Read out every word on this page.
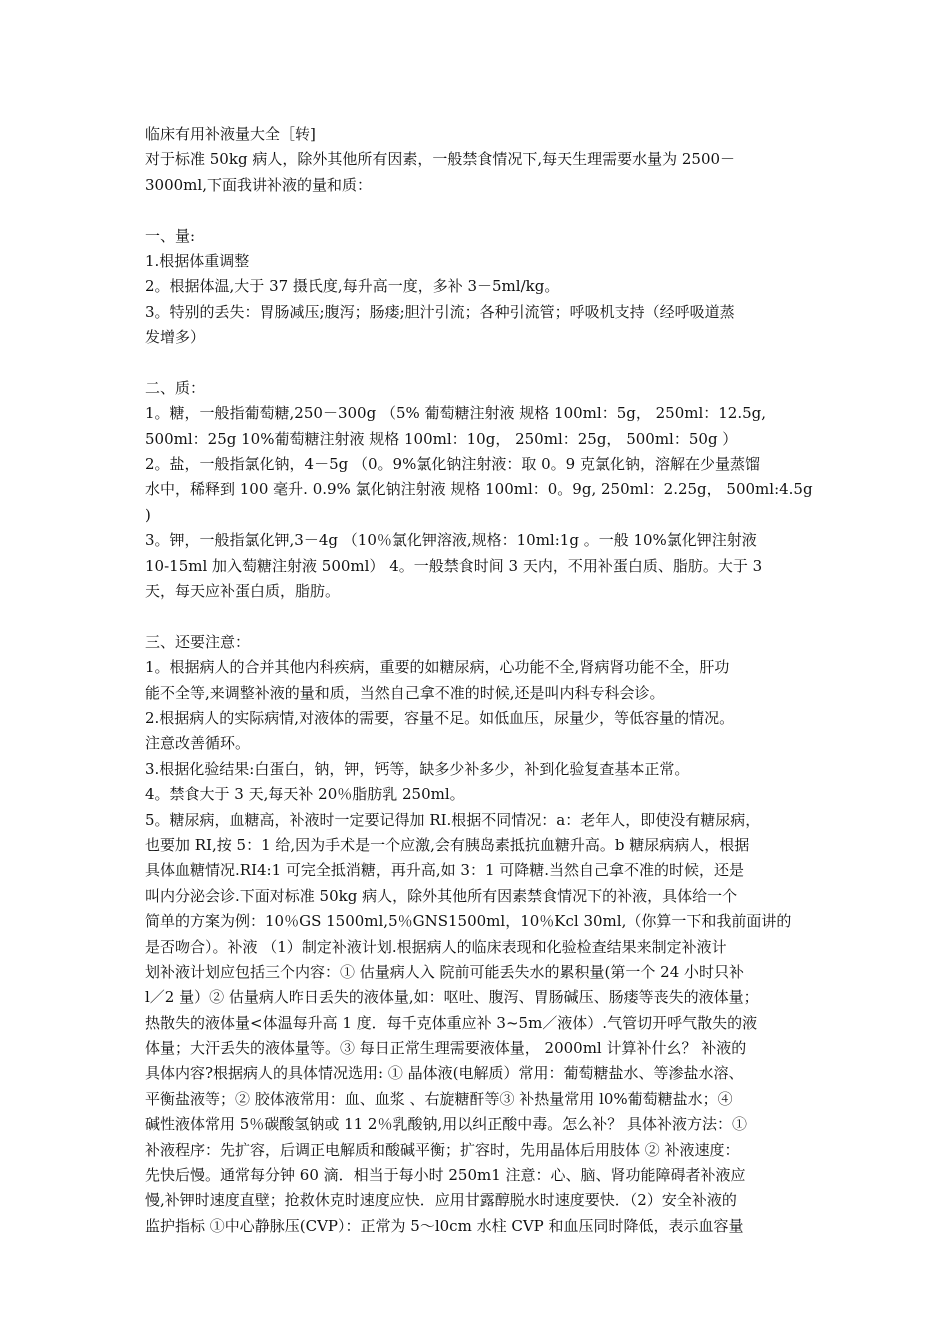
临床有用补液量大全［转]
对于标准 50kg 病人，除外其他所有因素，一般禁食情况下,每天生理需要水量为 2500－
3000ml,下面我讲补液的量和质：
一、量:
1.根据体重调整
2。根据体温,大于 37 摄氏度,每升高一度，多补 3－5ml/kg。
3。特别的丢失：胃肠减压;腹泻；肠瘘;胆汁引流；各种引流管；呼吸机支持（经呼吸道蒸
发增多）
二、质：
1。糖，一般指葡萄糖,250－300g （5% 葡萄糖注射液 规格 100ml：5g， 250ml：12.5g,
500ml：25g 10%葡萄糖注射液 规格 100ml：10g， 250ml：25g， 500ml：50g ）
2。盐，一般指氯化钠，4－5g （0。9%氯化钠注射液：取 0。9 克氯化钠，溶解在少量蒸馏
水中，稀释到 100 毫升. 0.9% 氯化钠注射液 规格 100ml：0。9g, 250ml：2.25g， 500ml:4.5g
)
3。钾，一般指氯化钾,3－4g （10％氯化钾溶液,规格：10ml:1g 。一般 10%氯化钾注射液
10-15ml 加入萄糖注射液 500ml） 4。一般禁食时间 3 天内，不用补蛋白质、脂肪。大于 3
天，每天应补蛋白质，脂肪。
三、还要注意：
1。根据病人的合并其他内科疾病，重要的如糖尿病，心功能不全,肾病肾功能不全，肝功
能不全等,来调整补液的量和质，当然自己拿不准的时候,还是叫内科专科会诊。
2.根据病人的实际病情,对液体的需要，容量不足。如低血压，尿量少，等低容量的情况。
注意改善循环。
3.根据化验结果:白蛋白，钠，钾，钙等，缺多少补多少，补到化验复查基本正常。
4。禁食大于 3 天,每天补 20％脂肪乳 250ml。
5。糖尿病，血糖高，补液时一定要记得加 RI.根据不同情况：a：老年人，即使没有糖尿病，
也要加 RI,按 5：1 给,因为手术是一个应激,会有胰岛素抵抗血糖升高。b 糖尿病病人，根据
具体血糖情况.RI4:1 可完全抵消糖，再升高,如 3：1 可降糖.当然自己拿不准的时候，还是
叫内分泌会诊.下面对标准 50kg 病人，除外其他所有因素禁食情况下的补液，具体给一个
简单的方案为例：10％GS 1500ml,5％GNS1500ml，10％Kcl 30ml,（你算一下和我前面讲的
是否吻合）。补液 （1）制定补液计划.根据病人的临床表现和化验检查结果来制定补液计
划补液计划应包括三个内容：① 估量病人入 院前可能丢失水的累积量(第一个 24 小时只补
l／2 量）② 估量病人昨日丢失的液体量,如：呕吐、腹泻、胃肠碱压、肠瘘等丧失的液体量；
热散失的液体量<体温每升高 1 度．每千克体重应补 3~5m／液体）.气管切开呼气散失的液
体量；大汗丢失的液体量等。③ 每日正常生理需要液体量， 2000ml 计算补什幺？ 补液的
具体内容?根据病人的具体情况选用: ① 晶体液(电解质）常用：葡萄糖盐水、等渗盐水溶、
平衡盐液等；② 胶体液常用：血、血浆 、右旋糖酐等③ 补热量常用 l0%葡萄糖盐水；④
碱性液体常用 5％碳酸氢钠或 11 2％乳酸钠,用以纠正酸中毒。怎么补？ 具体补液方法：①
补液程序：先扩容，后调正电解质和酸碱平衡；扩容时，先用晶体后用肢体 ② 补液速度：
先快后慢。通常每分钟 60 滴．相当于每小时 250m1 注意：心、脑、肾功能障碍者补液应
慢,补钾时速度直壁；抢救休克时速度应快．应用甘露醇脱水时速度要快．（2）安全补液的
监护指标 ①中心静脉压(CVP）：正常为 5～l0cm 水柱 CVP 和血压同时降低，表示血容量
